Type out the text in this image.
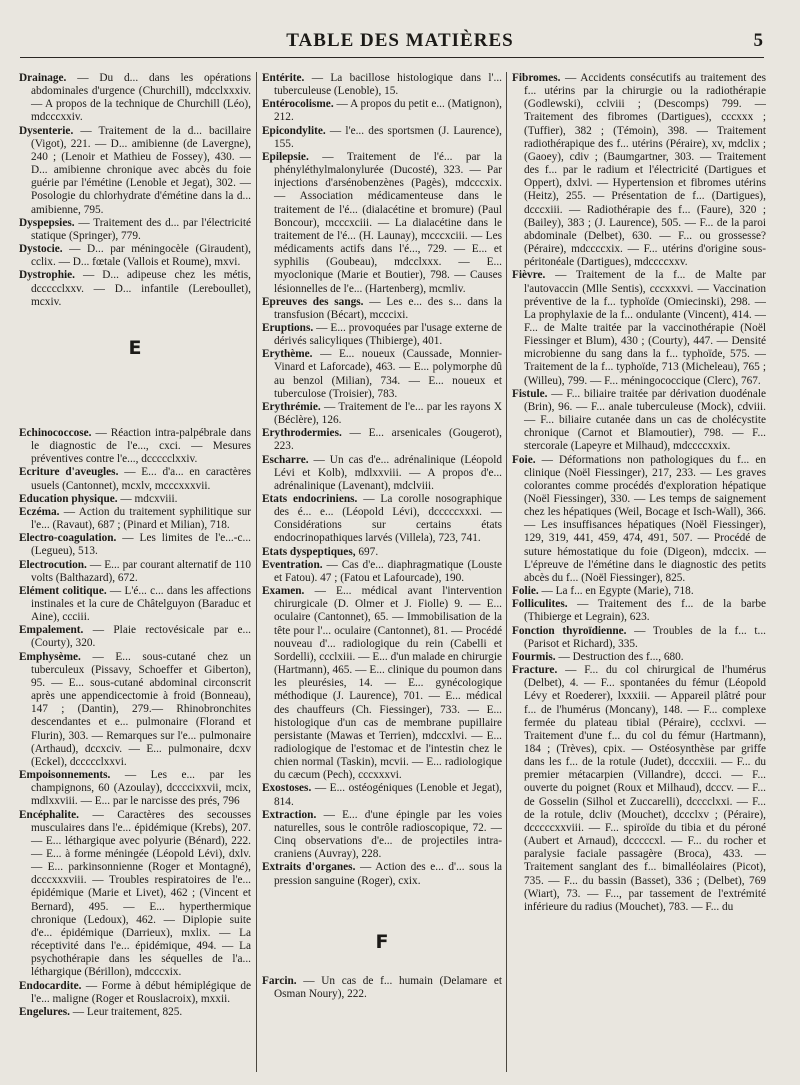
TABLE DES MATIÈRES	5

Drainage. — Du d... dans les opérations abdominales d'urgence (Churchill), mdcclxxxiv. — A propos de la technique de Churchill (Léo), mdcccxxiv.

Dysenterie. — Traitement de la d... bacillaire (Vigot), 221. — D... amibienne (de Lavergne), 240 ; (Lenoir et Mathieu de Fossey), 430. — D... amibienne chronique avec abcès du foie guérie par l'émétine (Lenoble et Jegat), 302. — Posologie du chlorhydrate d'émétine dans la d... amibienne, 795.

Dyspepsies. — Traitement des d... par l'électricité statique (Springer), 779.

Dystocie. — D... par méningocèle (Giraudent), cclix. — D... fœtale (Vallois et Roume), mxvi.

Dystrophie. — D... adipeuse chez les métis, dccccclxxv. — D... infantile (Lereboullet), mcxiv.

E

Echinococcose. — Réaction intra-palpébrale dans le diagnostic de l'e..., cxci. — Mesures préventives contre l'e..., dccccclxxiv.

Ecriture d'aveugles. — E... d'a... en caractères usuels (Cantonnet), mcxlv, mcccxxxvii.

Education physique. — mdcxviii.

Eczéma. — Action du traitement syphilitique sur l'e... (Ravaut), 687 ; (Pinard et Milian), 718.

Electro-coagulation. — Les limites de l'e...-c... (Legueu), 513.

Electrocution. — E... par courant alternatif de 110 volts (Balthazard), 672.

Elément colitique. — L'é... c... dans les affections instinales et la cure de Châtelguyon (Baraduc et Aine), ccciii.

Empalement. — Plaie rectovésicale par e... (Courty), 320.

Emphysème. — E... sous-cutané chez un tuberculeux (Pissavy, Schoeffer et Giberton), 95. — E... sous-cutané abdominal circonscrit après une appendicectomie à froid (Bonneau), 147 ; (Dantin), 279.— Rhinobronchites descendantes et e... pulmonaire (Florand et Flurin), 303. — Remarques sur l'e... pulmonaire (Arthaud), dccxciv. — E... pulmonaire, dcxv (Eckel), dccccclxxvi.

Empoisonnements. — Les e... par les champignons, 60 (Azoulay), dccccixxvii, mcix, mdlxxviii. — E... par le narcisse des prés, 796

Encéphalite. — Caractères des secousses musculaires dans l'e... épidémique (Krebs), 207. — E... léthargique avec polyurie (Bénard), 222. — E... à forme méningée (Léopold Lévi), dxlv. — E... parkinsonnienne (Roger et Montagné), dcccxxxviii. — Troubles respiratoires de l'e... épidémique (Marie et Livet), 462 ; (Vincent et Bernard), 495. — E... hyperthermique chronique (Ledoux), 462. — Diplopie suite d'e... épidémique (Darrieux), mxlix. — La réceptivité dans l'e... épidémique, 494. — La psychothérapie dans les séquelles de l'a... léthargique (Bérillon), mdcccxix.

Endocardite. — Forme à début hémiplégique de l'e... maligne (Roger et Rouslacroix), mxxii.

Engelures. — Leur traitement, 825.

Entérite. — La bacillose histologique dans l'... tuberculeuse (Lenoble), 15.

Entérocolisme. — A propos du petit e... (Matignon), 212.

Epicondylite. — l'e... des sportsmen (J. Laurence), 155.

Epilepsie. — Traitement de l'é... par la phényléthylmalonylurée (Ducosté), 323. — Par injections d'arsénobenzènes (Pagès), mdcccxix. — Association médicamenteuse dans le traitement de l'é... (dialacétine et bromure) (Paul Boncour), mcccxciii. — La dialacétine dans le traitement de l'é... (H. Launay), mcccxciii. — Les médicaments actifs dans l'é..., 729. — E... et syphilis (Goubeau), mdcclxxx. — E... myoclonique (Marie et Boutier), 798. — Causes lésionnelles de l'e... (Hartenberg), mcmliv.

Epreuves des sangs. — Les e... des s... dans la transfusion (Bécart), mcccixi.

Eruptions. — E... provoquées par l'usage externe de dérivés salicyliques (Thibierge), 401.

Erythème. — E... noueux (Caussade, Monnier-Vinard et Laforcade), 463. — E... polymorphe dû au benzol (Milian), 734. — E... noueux et tuberculose (Troisier), 783.

Erythrémie. — Traitement de l'e... par les rayons X (Béclère), 126.

Erythrodermies. — E... arsenicales (Gougerot), 223.

Escharre. — Un cas d'e... adrénalinique (Léopold Lévi et Kolb), mdlxxviii. — A propos d'e... adrénalinique (Lavenant), mdclviii.

Etats endocriniens. — La corolle nosographique des é... e... (Léopold Lévi), dcccccxxxi. — Considérations sur certains états endocrinopathiques larvés (Villela), 723, 741.

Etats dyspeptiques, 697.

Eventration. — Cas d'e... diaphragmatique (Louste et Fatou). 47 ; (Fatou et Lafourcade), 190.

Examen. — E... médical avant l'intervention chirurgicale (D. Olmer et J. Fiolle) 9. — E... oculaire (Cantonnet), 65. — Immobilisation de la tête pour l'... oculaire (Cantonnet), 81. — Procédé nouveau d'... radiologique du rein (Cabelli et Sordelli), ccclxiii. — E... d'un malade en chirurgie (Hartmann), 465. — E... clinique du poumon dans les pleurésies, 14. — E... gynécologique méthodique (J. Laurence), 701. — E... médical des chauffeurs (Ch. Fiessinger), 733. — E... histologique d'un cas de membrane pupillaire persistante (Mawas et Terrien), mdccxlvi. — E... radiologique de l'estomac et de l'intestin chez le chien normal (Taskin), mcvii. — E... radiologique du cæcum (Pech), cccxxxvi.

Exostoses. — E... ostéogéniques (Lenoble et Jegat), 814.

Extraction. — E... d'une épingle par les voies naturelles, sous le contrôle radioscopique, 72. — Cinq observations d'e... de projectiles intra-craniens (Auvray), 228.

Extraits d'organes. — Action des e... d'... sous la pression sanguine (Roger), cxix.

F

Farcin. — Un cas de f... humain (Delamare et Osman Noury), 222.

Fibromes. — Accidents consécutifs au traitement des f... utérins par la chirurgie ou la radiothérapie (Godlewski), cclviii ; (Descomps) 799. — Traitement des fibromes (Dartigues), cccxxx ; (Tuffier), 382 ; (Témoin), 398. — Traitement radiothérapique des f... utérins (Péraire), xv, mdclix ; (Gaoey), cdiv ; (Baumgartner, 303. — Traitement des f... par le radium et l'électricité (Dartigues et Oppert), dxlvi. — Hypertension et fibromes utérins (Heitz), 255. — Présentation de f... (Dartigues), dcccxiii. — Radiothérapie des f... (Faure), 320 ; (Bailey), 383 ; (J. Laurence), 505. — F... de la paroi abdominale (Delbet), 630. — F... ou grossesse? (Péraire), mdccccxix. — F... utérins d'origine sous-péritonéale (Dartigues), mdccccxxv.

Fièvre. — Traitement de la f... de Malte par l'autovaccin (Mlle Sentis), cccxxxvi. — Vaccination préventive de la f... typhoïde (Omiecinski), 298. — La prophylaxie de la f... ondulante (Vincent), 414. — F... de Malte traitée par la vaccinothérapie (Noël Fiessinger et Blum), 430 ; (Courty), 447. — Densité microbienne du sang dans la f... typhoïde, 575. — Traitement de la f... typhoïde, 713 (Micheleau), 765 ; (Willeu), 799. — F... méningococcique (Clerc), 767.

Fistule. — F... biliaire traitée par dérivation duodénale (Brin), 96. — F... anale tuberculeuse (Mock), cdviii. — F... biliaire cutanée dans un cas de cholécystite chronique (Carnot et Blamoutier), 798. — F... stercorale (Lapeyre et Milhaud), mdccccxxix.

Foie. — Déformations non pathologiques du f... en clinique (Noël Fiessinger), 217, 233. — Les graves colorantes comme procédés d'exploration hépatique (Noël Fiessinger), 330. — Les temps de saignement chez les hépatiques (Weil, Bocage et Isch-Wall), 366. — Les insuffisances hépatiques (Noël Fiessinger), 129, 319, 441, 459, 474, 491, 507. — Procédé de suture hémostatique du foie (Digeon), mdccix. — L'épreuve de l'émétine dans le diagnostic des petits abcès du f... (Noël Fiessinger), 825.

Folie. — La f... en Egypte (Marie), 718.

Folliculites. — Traitement des f... de la barbe (Thibierge et Legrain), 623.

Fonction thyroïdienne. — Troubles de la f... t... (Parisot et Richard), 335.

Fourmis. — Destruction des f..., 680.

Fracture. — F... du col chirurgical de l'humérus (Delbet), 4. — F... spontanées du fémur (Léopold Lévy et Roederer), lxxxiii. — Appareil plâtré pour f... de l'humérus (Moncany), 148. — F... complexe fermée du plateau tibial (Péraire), ccclxvi. — Traitement d'une f... du col du fémur (Hartmann), 184 ; (Trèves), cpix. — Ostéosynthèse par griffe dans les f... de la rotule (Judet), dcccxiii. — F... du premier métacarpien (Villandre), dccci. — F... ouverte du poignet (Roux et Milhaud), dcccv. — F... de Gosselin (Silhol et Zuccarelli), dcccclxxi. — F... de la rotule, dcliv (Mouchet), dccclxv ; (Péraire), dcccccxxviii. — F... spiroïde du tibia et du péroné (Aubert et Arnaud), dcccccxl. — F... du rocher et paralysie faciale passagère (Broca), 433. — Traitement sanglant des f... bimalléolaires (Picot), 735. — F... du bassin (Basset), 336 ; (Delbet), 769 (Wiart), 73. — F..., par tassement de l'extrémité inférieure du radius (Mouchet), 783. — F... du
